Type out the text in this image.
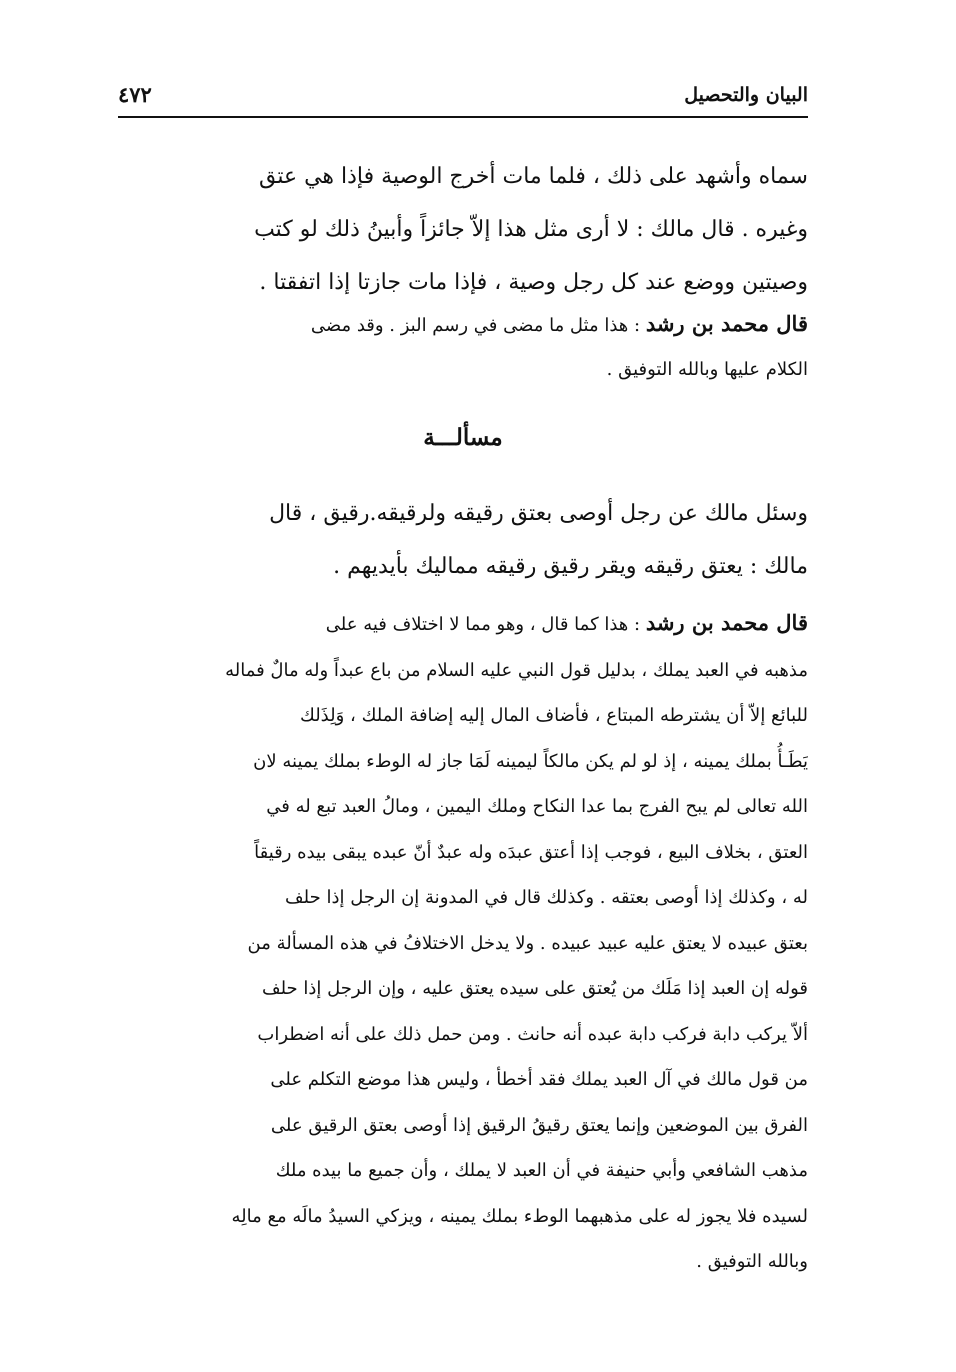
البيان والتحصيل
٤٧٢
سماه وأشهد على ذلك ، فلما مات أخرج الوصية فإذا هي عتق
وغيره . قال مالك : لا أرى مثل هذا إلاّ جائزاً وأبينُ ذلك لو كتب
وصيتين ووضع عند كل رجل وصية ، فإذا مات جازتا إذا اتفقتا .
قال محمد بن رشد : هذا مثل ما مضى في رسم البز . وقد مضى
الكلام عليها وبالله التوفيق .
مسألـــة
وسئل مالك عن رجل أوصى بعتق رقيقه ولرقيقه.رقيق ، قال
مالك : يعتق رقيقه ويقر رقيق رقيقه مماليك بأيديهم .
قال محمد بن رشد : هذا كما قال ، وهو مما لا اختلاف فيه على
مذهبه في العبد يملك ، بدليل قول النبي عليه السلام من باع عبداً وله مالٌ فماله
للبائع إلاّ أن يشترطه المبتاع ، فأضاف المال إليه إضافة الملك ، وَلِذَلك
يَطَـأُ بملك يمينه ، إذ لو لم يكن مالكاً ليمينه لَمَا جاز له الوطء بملك يمينه لان
الله تعالى لم يبح الفرج بما عدا النكاح وملك اليمين ، ومالُ العبد تبع له في
العتق ، بخلاف البيع ، فوجب إذا أعتق عبدَه وله عبدٌ أنّ عبده يبقى بيده رقيقاً
له ، وكذلك إذا أوصى بعتقه . وكذلك قال في المدونة إن الرجل إذا حلف
بعتق عبيده لا يعتق عليه عبيد عبيده . ولا يدخل الاختلافُ في هذه المسألة من
قوله إن العبد إذا مَلَك من يُعتق على سيده يعتق عليه ، وإن الرجل إذا حلف
ألاّ يركب دابة فركب دابة عبده أنه حانث . ومن حمل ذلك على أنه اضطراب
من قول مالك في آل العبد يملك فقد أخطأ ، وليس هذا موضع التكلم على
الفرق بين الموضعين وإنما يعتق رقيقُ الرقيق إذا أوصى بعتق الرقيق على
مذهب الشافعي وأبي حنيفة في أن العبد لا يملك ، وأن جميع ما بيده ملك
لسيده فلا يجوز له على مذهبهما الوطء بملك يمينه ، ويزكي السيدُ مالَه مع مالِه
وبالله التوفيق .
